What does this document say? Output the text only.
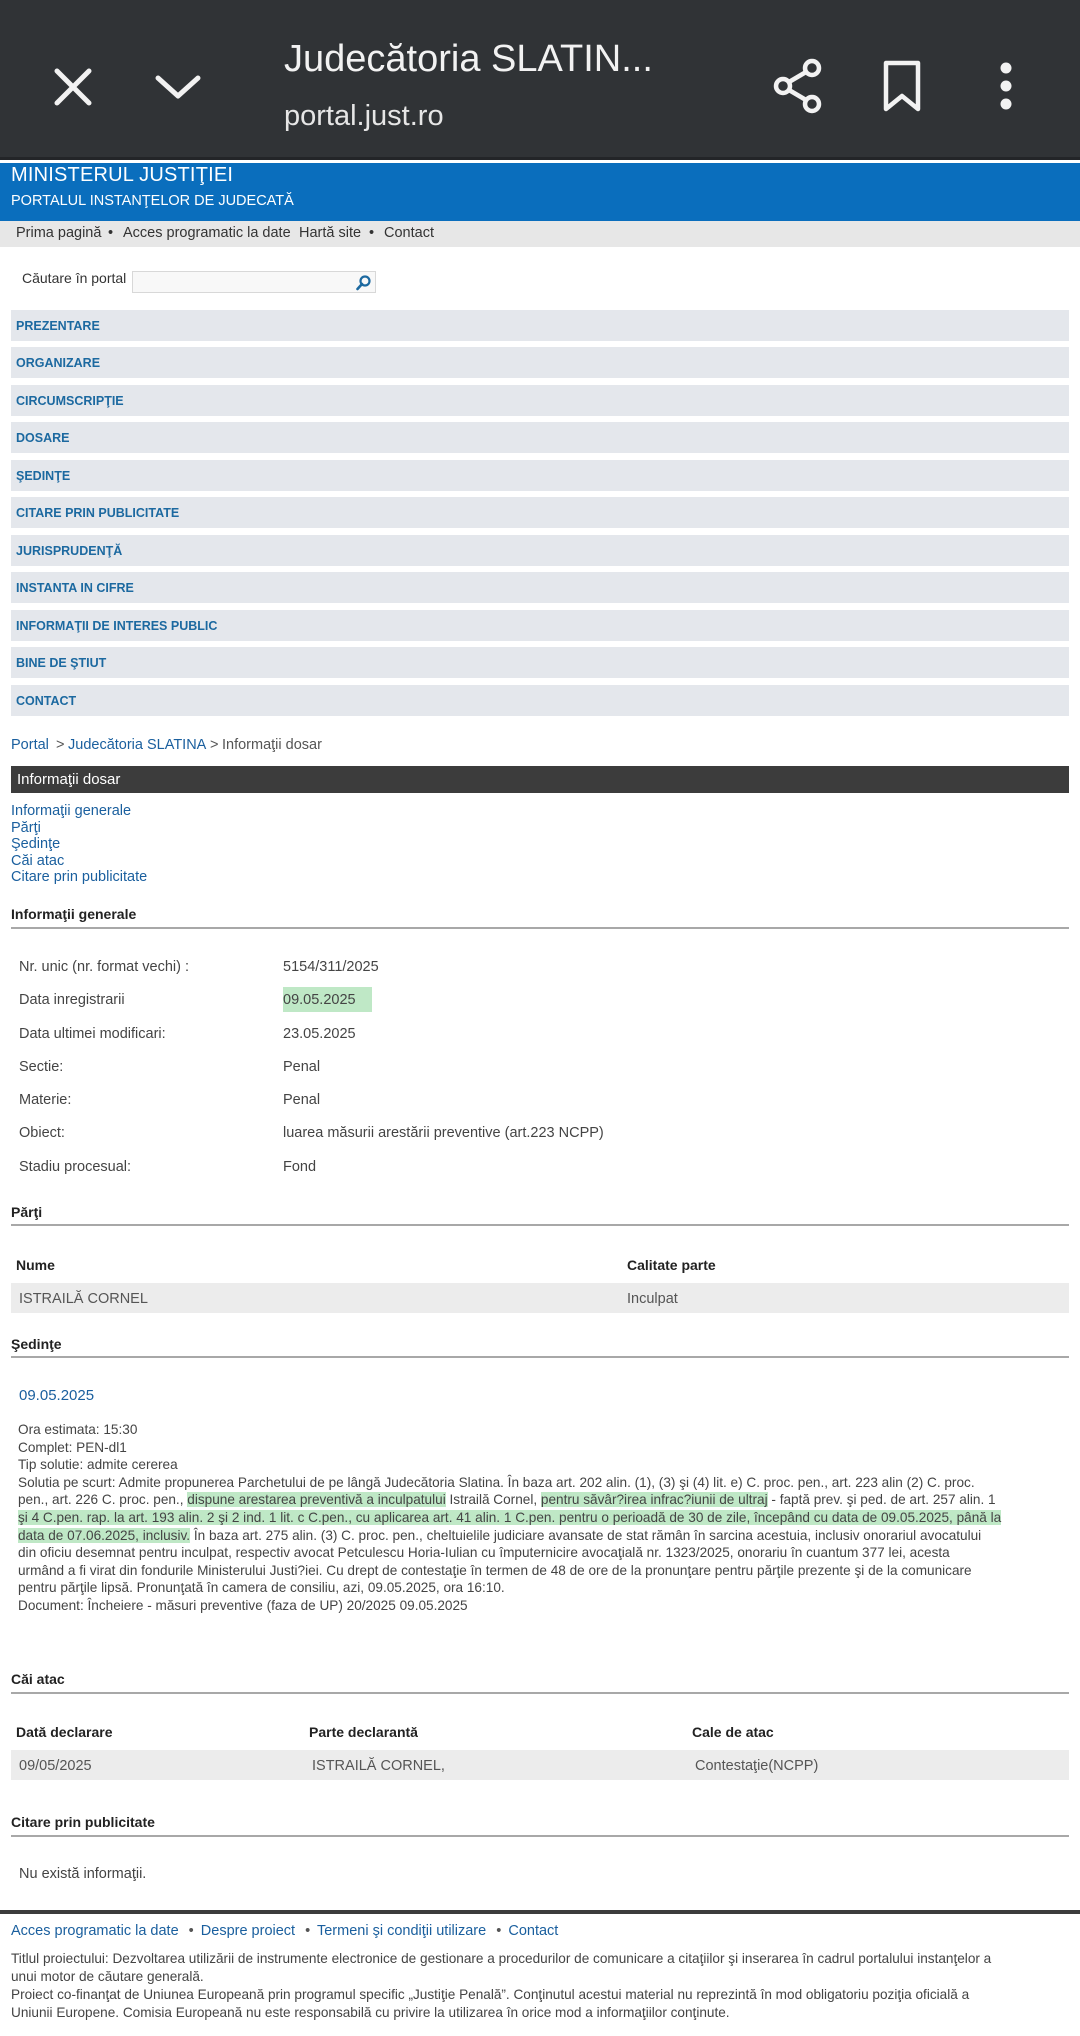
Judecătoria SLATIN...
portal.just.ro
MINISTERUL JUSTIŢIEI
PORTALUL INSTANŢELOR DE JUDECATĂ
Prima pagină • Acces programatic la date Hartă site • Contact
Căutare în portal
PREZENTARE
ORGANIZARE
CIRCUMSCRIPŢIE
DOSARE
ŞEDINŢE
CITARE PRIN PUBLICITATE
JURISPRUDENŢĂ
INSTANTA IN CIFRE
INFORMAŢII DE INTERES PUBLIC
BINE DE ŞTIUT
CONTACT
Portal > Judecătoria SLATINA > Informaţii dosar
Informaţii dosar
Informaţii generale
Părţi
Şedinţe
Căi atac
Citare prin publicitate
Informaţii generale
Nr. unic (nr. format vechi) :	5154/311/2025
Data inregistrarii	09.05.2025
Data ultimei modificari:	23.05.2025
Sectie:	Penal
Materie:	Penal
Obiect:	luarea măsurii arestării preventive (art.223 NCPP)
Stadiu procesual:	Fond
Părţi
Nume	Calitate parte
ISTRAILĂ CORNEL	Inculpat
Şedinţe
09.05.2025
Ora estimata: 15:30
Complet: PEN-dl1
Tip solutie: admite cererea
Solutia pe scurt: Admite propunerea Parchetului de pe lângă Judecătoria Slatina. În baza art. 202 alin. (1), (3) şi (4) lit. e) C. proc. pen., art. 223 alin (2) C. proc.
pen., art. 226 C. proc. pen., dispune arestarea preventivă a inculpatului Istrailă Cornel, pentru săvâr?irea infrac?iunii de ultraj - faptă prev. şi ped. de art. 257 alin. 1
şi 4 C.pen. rap. la art. 193 alin. 2 şi 2 ind. 1 lit. c C.pen., cu aplicarea art. 41 alin. 1 C.pen. pentru o perioadă de 30 de zile, începând cu data de 09.05.2025, până la
data de 07.06.2025, inclusiv. În baza art. 275 alin. (3) C. proc. pen., cheltuielile judiciare avansate de stat rămân în sarcina acestuia, inclusiv onorariul avocatului
din oficiu desemnat pentru inculpat, respectiv avocat Petculescu Horia-Iulian cu împuternicire avocaţială nr. 1323/2025, onorariu în cuantum 377 lei, acesta
urmând a fi virat din fondurile Ministerului Justi?iei. Cu drept de contestaţie în termen de 48 de ore de la pronunţare pentru părţile prezente şi de la comunicare
pentru părţile lipsă. Pronunţată în camera de consiliu, azi, 09.05.2025, ora 16:10.
Document: Încheiere - măsuri preventive (faza de UP) 20/2025 09.05.2025
Căi atac
Dată declarare	Parte declarantă	Cale de atac
09/05/2025	ISTRAILĂ CORNEL,	Contestaţie(NCPP)
Citare prin publicitate
Nu există informaţii.
Acces programatic la date • Despre proiect • Termeni şi condiţii utilizare • Contact
Titlul proiectului: Dezvoltarea utilizării de instrumente electronice de gestionare a procedurilor de comunicare a citaţiilor şi inserarea în cadrul portalului instanţelor a
unui motor de căutare generală.
Proiect co-finanţat de Uniunea Europeană prin programul specific „Justiţie Penală”. Conţinutul acestui material nu reprezintă în mod obligatoriu poziţia oficială a
Uniunii Europene. Comisia Europeană nu este responsabilă cu privire la utilizarea în orice mod a informaţiilor conţinute.
